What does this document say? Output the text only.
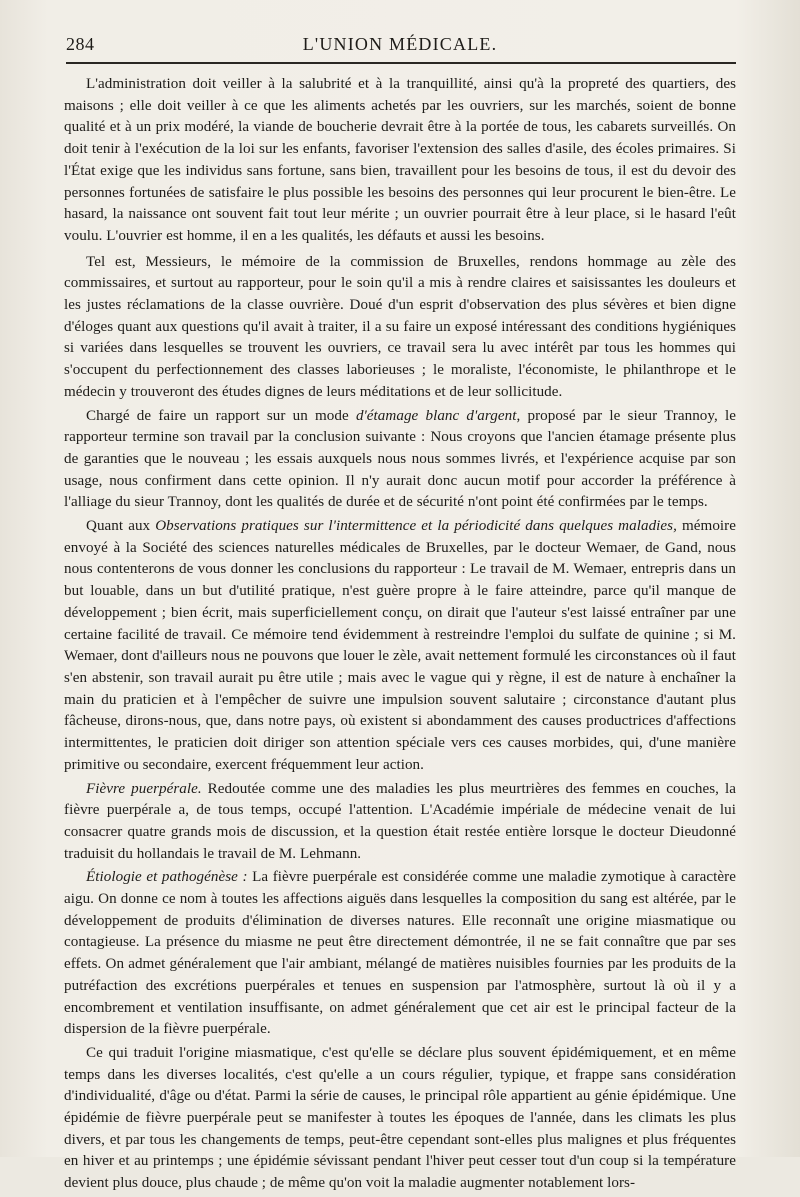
284	L'UNION MÉDICALE.

L'administration doit veiller à la salubrité et à la tranquillité, ainsi qu'à la propreté des quartiers, des maisons ; elle doit veiller à ce que les aliments achetés par les ouvriers, sur les marchés, soient de bonne qualité et à un prix modéré, la viande de boucherie devrait être à la portée de tous, les cabarets surveillés. On doit tenir à l'exécution de la loi sur les enfants, favoriser l'extension des salles d'asile, des écoles primaires. Si l'État exige que les individus sans fortune, sans bien, travaillent pour les besoins de tous, il est du devoir des personnes fortunées de satisfaire le plus possible les besoins des personnes qui leur procurent le bien-être. Le hasard, la naissance ont souvent fait tout leur mérite ; un ouvrier pourrait être à leur place, si le hasard l'eût voulu. L'ouvrier est homme, il en a les qualités, les défauts et aussi les besoins.

Tel est, Messieurs, le mémoire de la commission de Bruxelles, rendons hommage au zèle des commissaires, et surtout au rapporteur, pour le soin qu'il a mis à rendre claires et saisissantes les douleurs et les justes réclamations de la classe ouvrière. Doué d'un esprit d'observation des plus sévères et bien digne d'éloges quant aux questions qu'il avait à traiter, il a su faire un exposé intéressant des conditions hygiéniques si variées dans lesquelles se trouvent les ouvriers, ce travail sera lu avec intérêt par tous les hommes qui s'occupent du perfectionnement des classes laborieuses ; le moraliste, l'économiste, le philanthrope et le médecin y trouveront des études dignes de leurs méditations et de leur sollicitude.

Chargé de faire un rapport sur un mode d'étamage blanc d'argent, proposé par le sieur Trannoy, le rapporteur termine son travail par la conclusion suivante : Nous croyons que l'ancien étamage présente plus de garanties que le nouveau ; les essais auxquels nous nous sommes livrés, et l'expérience acquise par son usage, nous confirment dans cette opinion. Il n'y aurait donc aucun motif pour accorder la préférence à l'alliage du sieur Trannoy, dont les qualités de durée et de sécurité n'ont point été confirmées par le temps.

Quant aux Observations pratiques sur l'intermittence et la périodicité dans quelques maladies, mémoire envoyé à la Société des sciences naturelles médicales de Bruxelles, par le docteur Wemaer, de Gand, nous nous contenterons de vous donner les conclusions du rapporteur : Le travail de M. Wemaer, entrepris dans un but louable, dans un but d'utilité pratique, n'est guère propre à le faire atteindre, parce qu'il manque de développement ; bien écrit, mais superficiellement conçu, on dirait que l'auteur s'est laissé entraîner par une certaine facilité de travail. Ce mémoire tend évidemment à restreindre l'emploi du sulfate de quinine ; si M. Wemaer, dont d'ailleurs nous ne pouvons que louer le zèle, avait nettement formulé les circonstances où il faut s'en abstenir, son travail aurait pu être utile ; mais avec le vague qui y règne, il est de nature à enchaîner la main du praticien et à l'empêcher de suivre une impulsion souvent salutaire ; circonstance d'autant plus fâcheuse, dirons-nous, que, dans notre pays, où existent si abondamment des causes productrices d'affections intermittentes, le praticien doit diriger son attention spéciale vers ces causes morbides, qui, d'une manière primitive ou secondaire, exercent fréquemment leur action.

Fièvre puerpérale. Redoutée comme une des maladies les plus meurtrières des femmes en couches, la fièvre puerpérale a, de tous temps, occupé l'attention. L'Académie impériale de médecine venait de lui consacrer quatre grands mois de discussion, et la question était restée entière lorsque le docteur Dieudonné traduisit du hollandais le travail de M. Lehmann.

Étiologie et pathogénèse : La fièvre puerpérale est considérée comme une maladie zymotique à caractère aigu. On donne ce nom à toutes les affections aiguës dans lesquelles la composition du sang est altérée, par le développement de produits d'élimination de diverses natures. Elle reconnaît une origine miasmatique ou contagieuse. La présence du miasme ne peut être directement démontrée, il ne se fait connaître que par ses effets. On admet généralement que l'air ambiant, mélangé de matières nuisibles fournies par les produits de la putréfaction des excrétions puerpérales et tenues en suspension par l'atmosphère, surtout là où il y a encombrement et ventilation insuffisante, on admet généralement que cet air est le principal facteur de la dispersion de la fièvre puerpérale.

Ce qui traduit l'origine miasmatique, c'est qu'elle se déclare plus souvent épidémiquement, et en même temps dans les diverses localités, c'est qu'elle a un cours régulier, typique, et frappe sans considération d'individualité, d'âge ou d'état. Parmi la série de causes, le principal rôle appartient au génie épidémique. Une épidémie de fièvre puerpérale peut se manifester à toutes les époques de l'année, dans les climats les plus divers, et par tous les changements de temps, peut-être cependant sont-elles plus malignes et plus fréquentes en hiver et au printemps ; une épidémie sévissant pendant l'hiver peut cesser tout d'un coup si la température devient plus douce, plus chaude ; de même qu'on voit la maladie augmenter notablement lors-
